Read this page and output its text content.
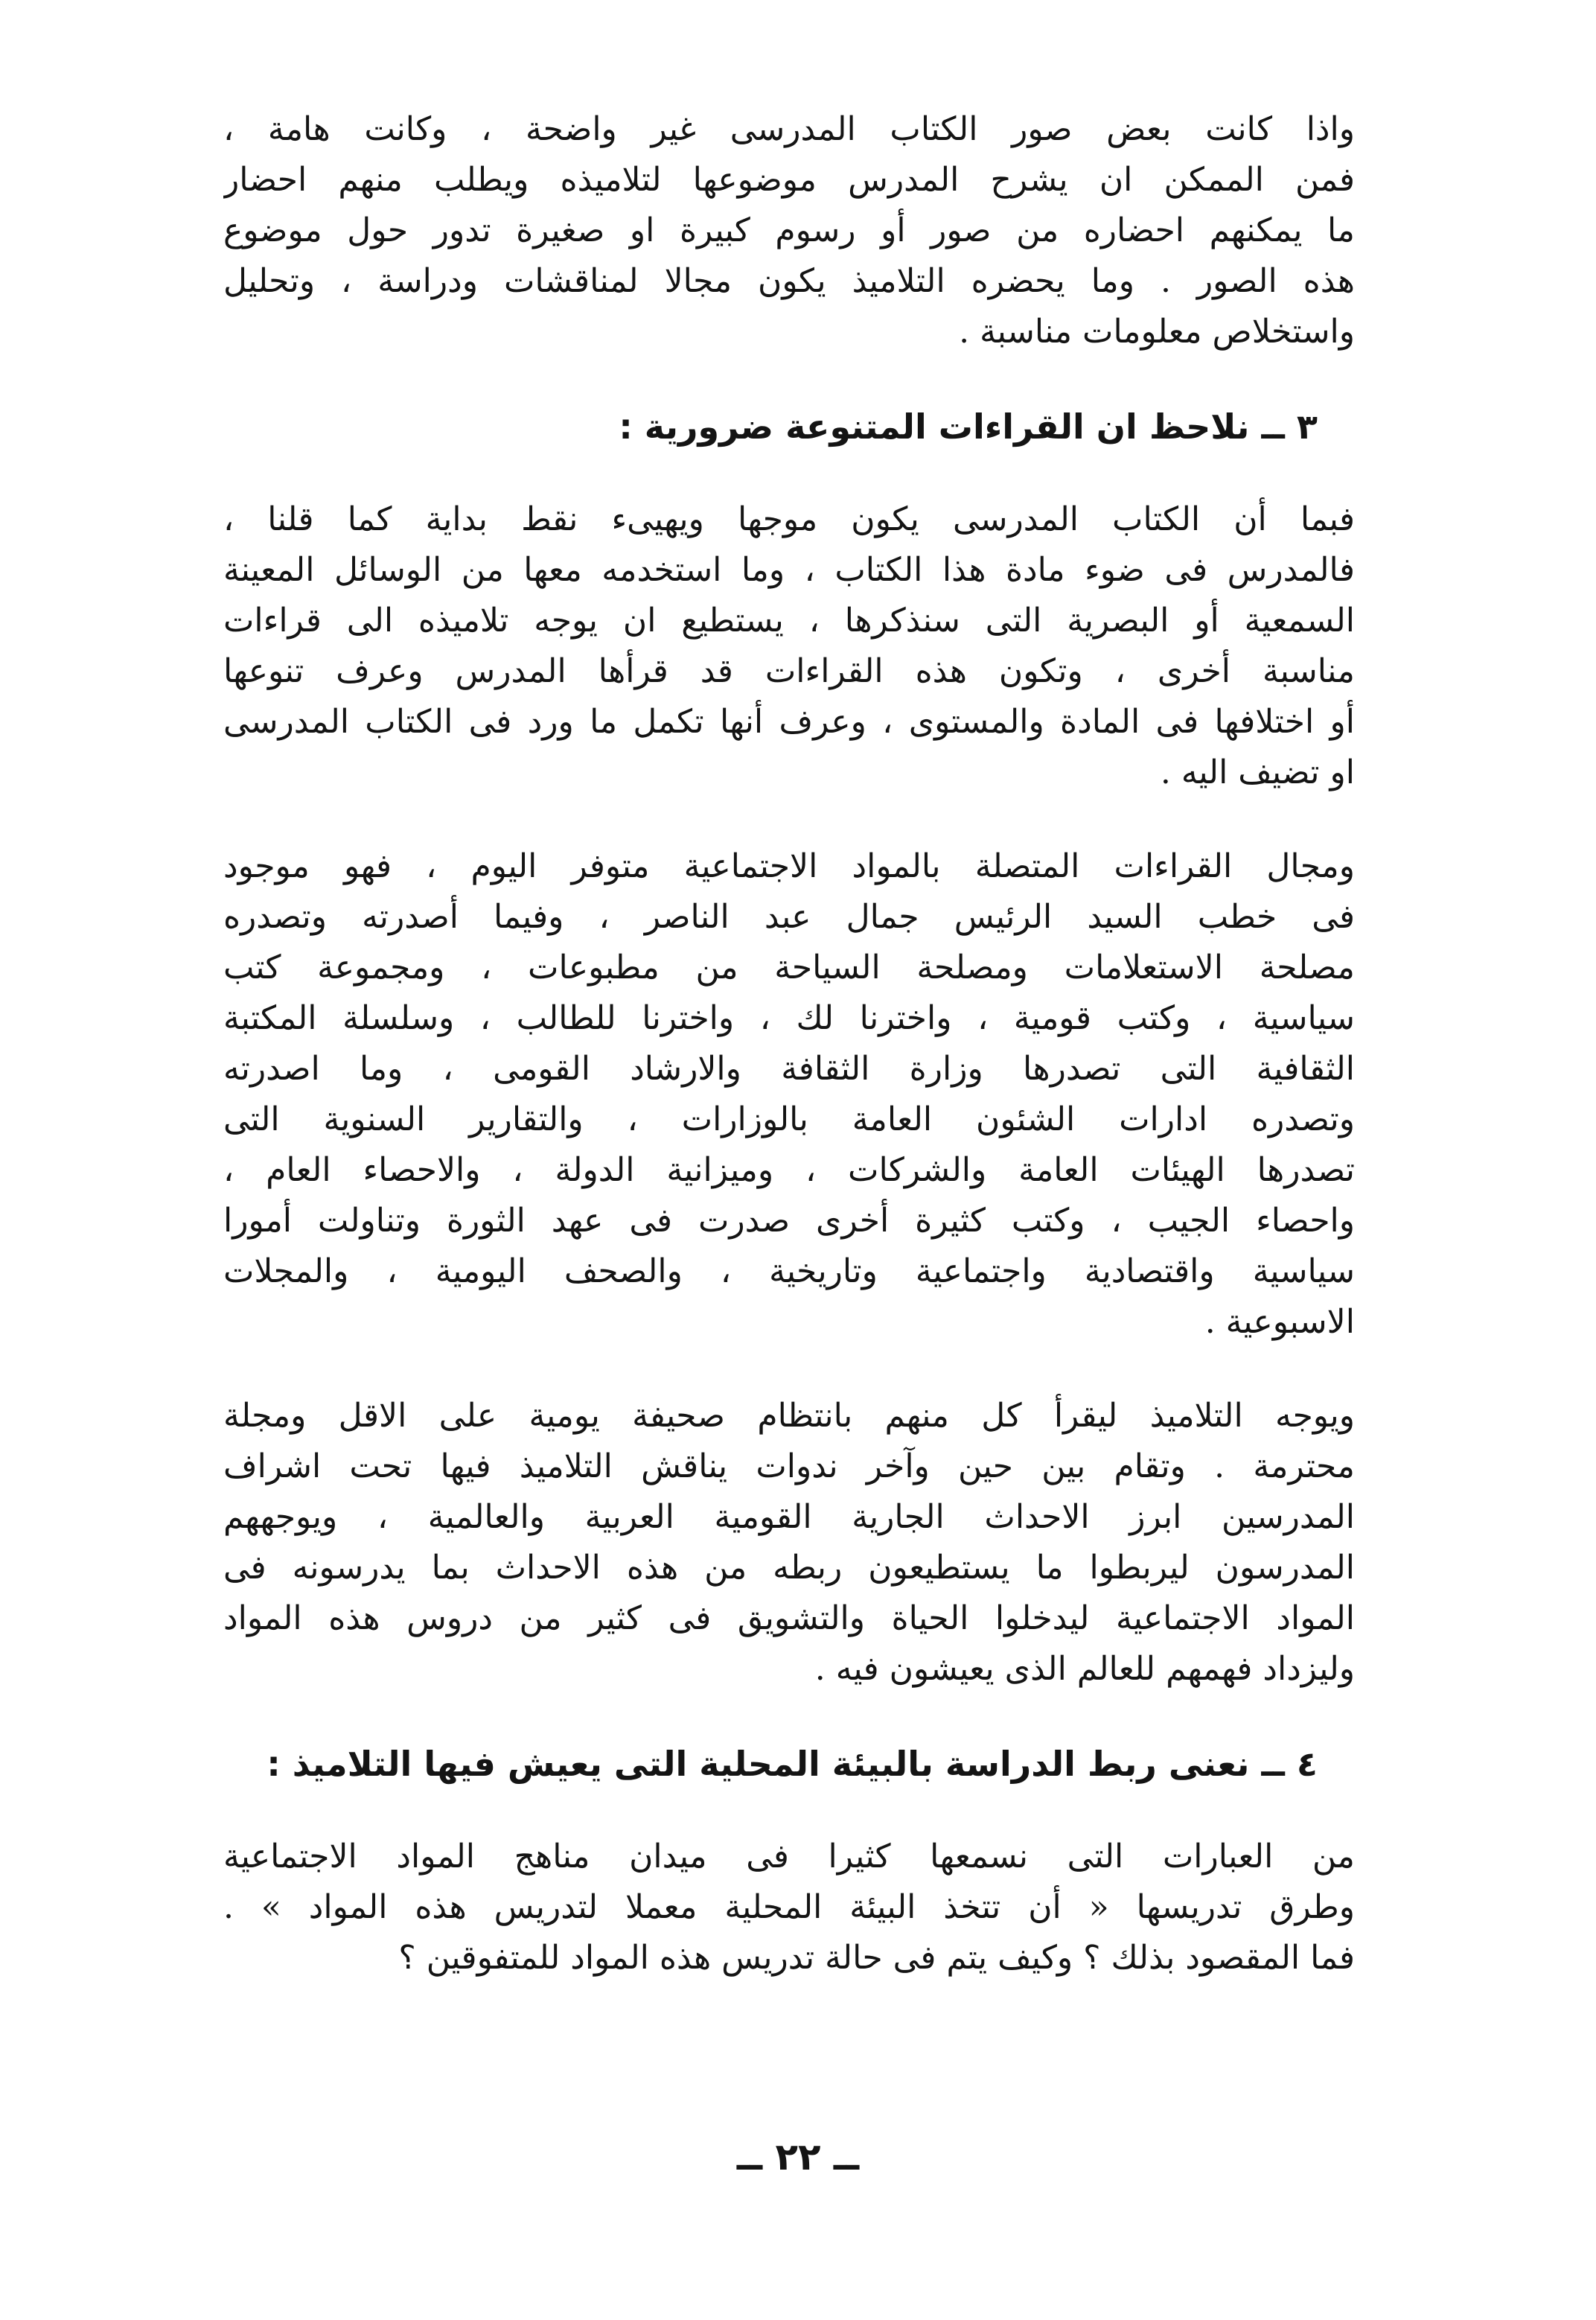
واذا كانت بعض صور الكتاب المدرسى غير واضحة ، وكانت هامة ،
فمن الممكن ان يشرح المدرس موضوعها لتلاميذه ويطلب منهم احضار
ما يمكنهم احضاره من صور أو رسوم كبيرة او صغيرة تدور حول موضوع
هذه الصور . وما يحضره التلاميذ يكون مجالا لمناقشات ودراسة ، وتحليل
واستخلاص معلومات مناسبة .
٣ ــ نلاحظ ان القراءات المتنوعة ضرورية :
فبما أن الكتاب المدرسى يكون موجها ويهيىء نقط بداية كما قلنا ،
فالمدرس فى ضوء مادة هذا الكتاب ، وما استخدمه معها من الوسائل المعينة
السمعية أو البصرية التى سنذكرها ، يستطيع ان يوجه تلاميذه الى قراءات
مناسبة أخرى ، وتكون هذه القراءات قد قرأها المدرس وعرف تنوعها
أو اختلافها فى المادة والمستوى ، وعرف أنها تكمل ما ورد فى الكتاب المدرسى
او تضيف اليه .
ومجال القراءات المتصلة بالمواد الاجتماعية متوفر اليوم ، فهو موجود
فى خطب السيد الرئيس جمال عبد الناصر ، وفيما أصدرته وتصدره
مصلحة الاستعلامات ومصلحة السياحة من مطبوعات ، ومجموعة كتب
سياسية ، وكتب قومية ، واخترنا لك ، واخترنا للطالب ، وسلسلة المكتبة
الثقافية التى تصدرها وزارة الثقافة والارشاد القومى ، وما اصدرته
وتصدره ادارات الشئون العامة بالوزارات ، والتقارير السنوية التى
تصدرها الهيئات العامة والشركات ، وميزانية الدولة ، والاحصاء العام ،
واحصاء الجيب ، وكتب كثيرة أخرى صدرت فى عهد الثورة وتناولت أمورا
سياسية واقتصادية واجتماعية وتاريخية ، والصحف اليومية ، والمجلات
الاسبوعية .
ويوجه التلاميذ ليقرأ كل منهم بانتظام صحيفة يومية على الاقل ومجلة
محترمة . وتقام بين حين وآخر ندوات يناقش التلاميذ فيها تحت اشراف
المدرسين ابرز الاحداث الجارية القومية العربية والعالمية ، ويوجههم
المدرسون ليربطوا ما يستطيعون ربطه من هذه الاحداث بما يدرسونه فى
المواد الاجتماعية ليدخلوا الحياة والتشويق فى كثير من دروس هذه المواد
وليزداد فهمهم للعالم الذى يعيشون فيه .
٤ ــ نعنى ربط الدراسة بالبيئة المحلية التى يعيش فيها التلاميذ :
من العبارات التى نسمعها كثيرا فى ميدان مناهج المواد الاجتماعية
وطرق تدريسها « أن تتخذ البيئة المحلية معملا لتدريس هذه المواد » .
فما المقصود بذلك ؟ وكيف يتم فى حالة تدريس هذه المواد للمتفوقين ؟
ــ ٢٢ ــ
